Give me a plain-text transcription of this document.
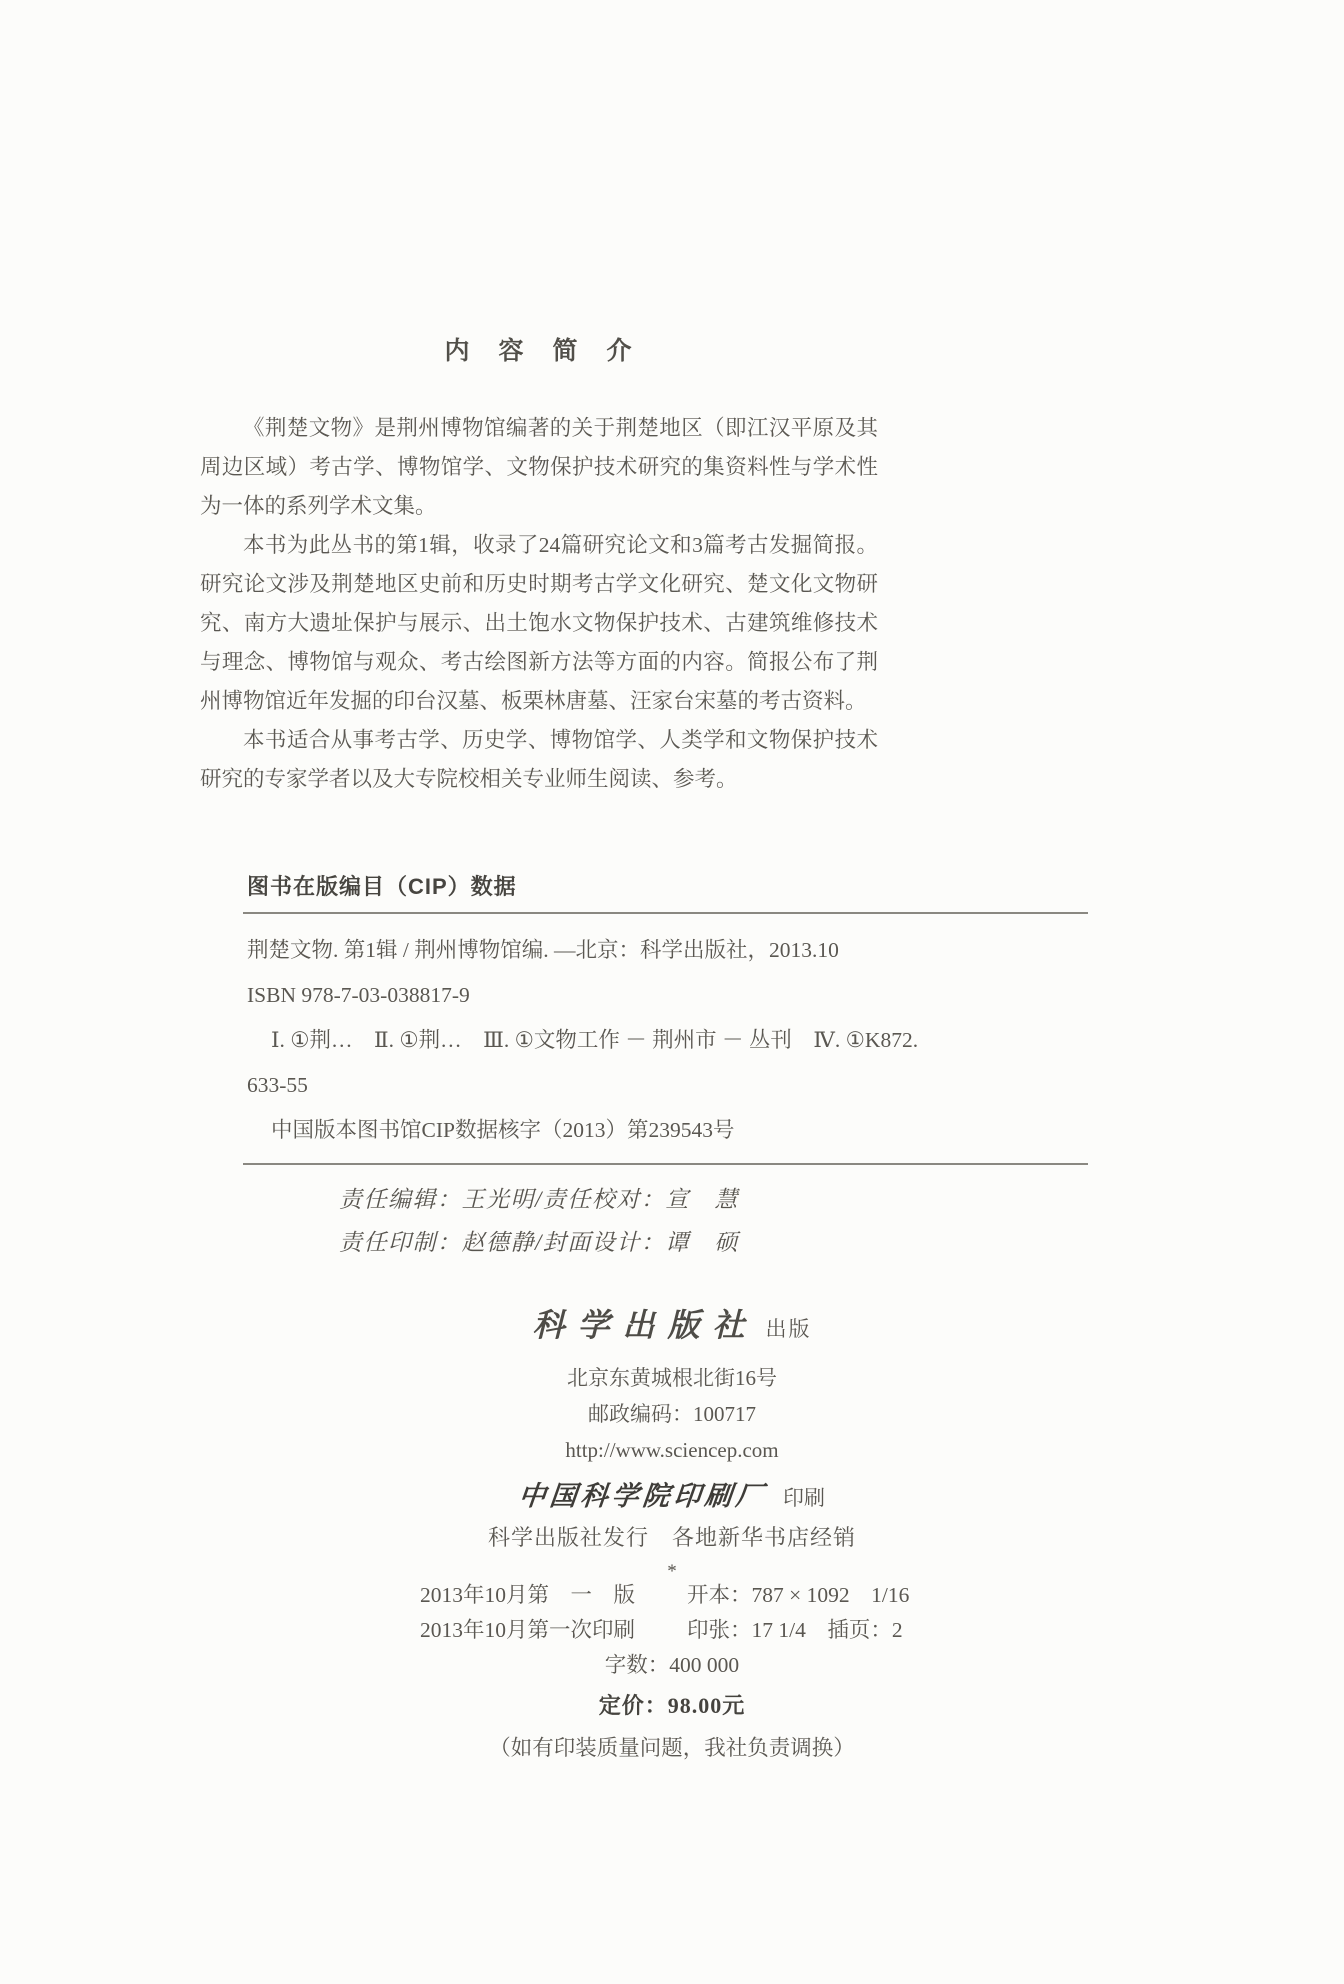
内　容　简　介

《荆楚文物》是荆州博物馆编著的关于荆楚地区（即江汉平原及其周边区域）考古学、博物馆学、文物保护技术研究的集资料性与学术性为一体的系列学术文集。

本书为此丛书的第1辑，收录了24篇研究论文和3篇考古发掘简报。研究论文涉及荆楚地区史前和历史时期考古学文化研究、楚文化文物研究、南方大遗址保护与展示、出土饱水文物保护技术、古建筑维修技术与理念、博物馆与观众、考古绘图新方法等方面的内容。简报公布了荆州博物馆近年发掘的印台汉墓、板栗林唐墓、汪家台宋墓的考古资料。

本书适合从事考古学、历史学、博物馆学、人类学和文物保护技术研究的专家学者以及大专院校相关专业师生阅读、参考。

图书在版编目（CIP）数据
荆楚文物. 第1辑 / 荆州博物馆编. —北京：科学出版社，2013.10
ISBN 978-7-03-038817-9
Ⅰ. ①荆…　Ⅱ. ①荆…　Ⅲ. ①文物工作 － 荆州市 － 丛刊　Ⅳ. ①K872.
633-55
中国版本图书馆CIP数据核字（2013）第239543号
责任编辑：王光明/责任校对：宣　慧
责任印制：赵德静/封面设计：谭　硕
科学出版社 出版
北京东黄城根北街16号
邮政编码：100717
http://www.sciencep.com
中国科学院印刷厂 印刷
科学出版社发行　各地新华书店经销
*
2013年10月第　一　版 开本：787 × 1092　1/16
2013年10月第一次印刷 印张：17 1/4　插页：2
字数：400 000
定价：98.00元
（如有印装质量问题，我社负责调换）
